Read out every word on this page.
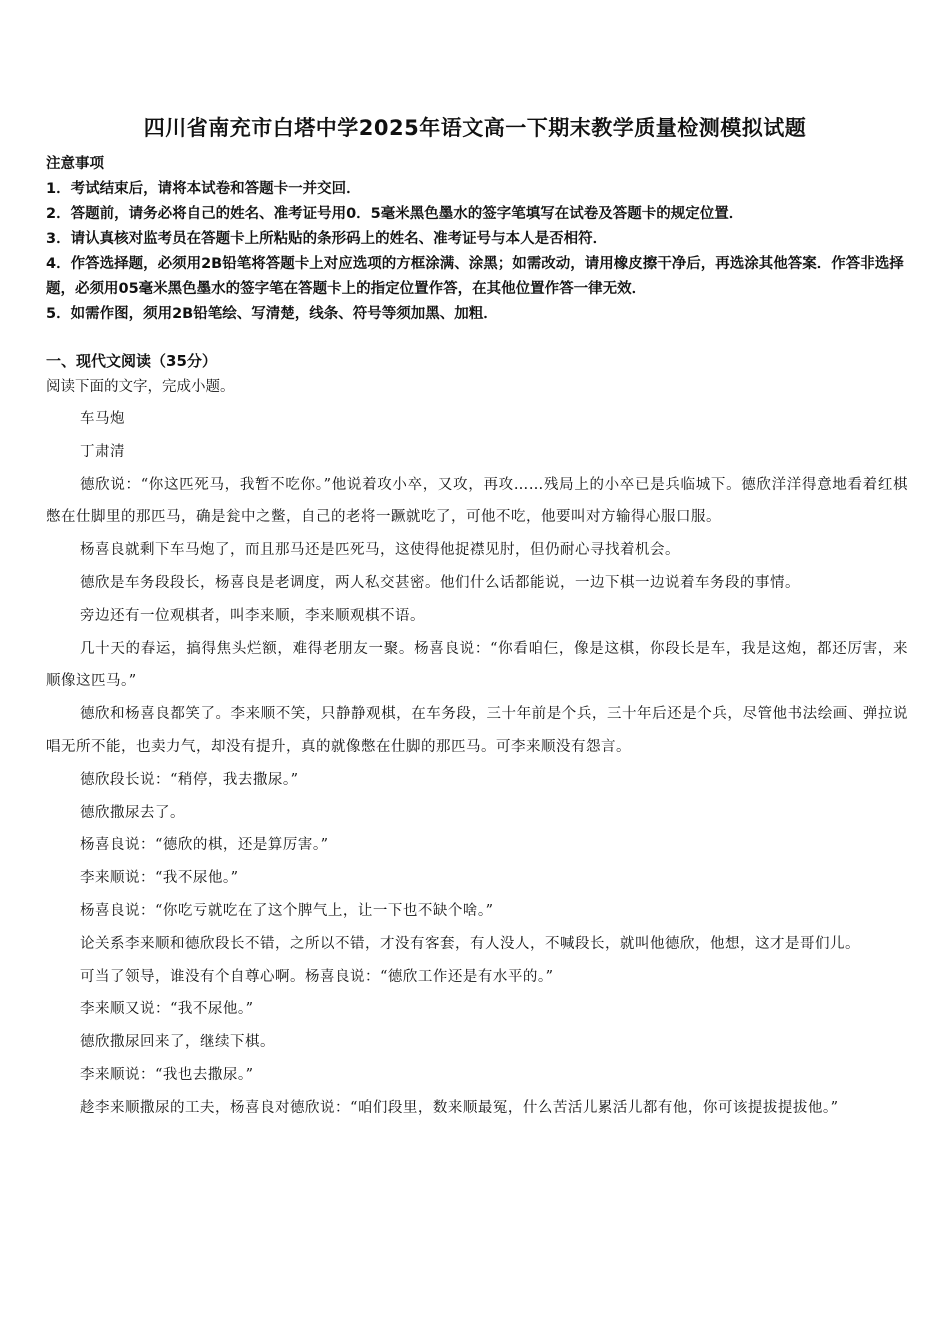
四川省南充市白塔中学2025年语文高一下期末教学质量检测模拟试题
注意事项
1．考试结束后，请将本试卷和答题卡一并交回．
2．答题前，请务必将自己的姓名、准考证号用0．5毫米黑色墨水的签字笔填写在试卷及答题卡的规定位置．
3．请认真核对监考员在答题卡上所粘贴的条形码上的姓名、准考证号与本人是否相符．
4．作答选择题，必须用2B铅笔将答题卡上对应选项的方框涂满、涂黑；如需改动，请用橡皮擦干净后，再选涂其他答案．作答非选择题，必须用05毫米黑色墨水的签字笔在答题卡上的指定位置作答，在其他位置作答一律无效．
5．如需作图，须用2B铅笔绘、写清楚，线条、符号等须加黑、加粗．
一、现代文阅读（35分）
阅读下面的文字，完成小题。

车马炮

丁肃清

德欣说：“你这匹死马，我暂不吃你。”他说着攻小卒，又攻，再攻……残局上的小卒已是兵临城下。德欣洋洋得意地看着红棋憋在仕脚里的那匹马，确是瓮中之鳖，自己的老将一蹶就吃了，可他不吃，他要叫对方输得心服口服。

杨喜良就剩下车马炮了，而且那马还是匹死马，这使得他捉襟见肘，但仍耐心寻找着机会。

德欣是车务段段长，杨喜良是老调度，两人私交甚密。他们什么话都能说，一边下棋一边说着车务段的事情。

旁边还有一位观棋者，叫李来顺，李来顺观棋不语。

几十天的春运，搞得焦头烂额，难得老朋友一聚。杨喜良说：“你看咱仨，像是这棋，你段长是车，我是这炮，都还厉害，来顺像这匹马。”

德欣和杨喜良都笑了。李来顺不笑，只静静观棋，在车务段，三十年前是个兵，三十年后还是个兵，尽管他书法绘画、弹拉说唱无所不能，也卖力气，却没有提升，真的就像憋在仕脚的那匹马。可李来顺没有怨言。

德欣段长说：“稍停，我去撒尿。”

德欣撒尿去了。

杨喜良说：“德欣的棋，还是算厉害。”

李来顺说：“我不尿他。”

杨喜良说：“你吃亏就吃在了这个脾气上，让一下也不缺个啥。”

论关系李来顺和德欣段长不错，之所以不错，才没有客套，有人没人，不喊段长，就叫他德欣，他想，这才是哥们儿。

可当了领导，谁没有个自尊心啊。杨喜良说：“德欣工作还是有水平的。”

李来顺又说：“我不尿他。”

德欣撒尿回来了，继续下棋。

李来顺说：“我也去撒尿。”

趁李来顺撒尿的工夫，杨喜良对德欣说：“咱们段里，数来顺最冤，什么苦活儿累活儿都有他，你可该提拔提拔他。”
